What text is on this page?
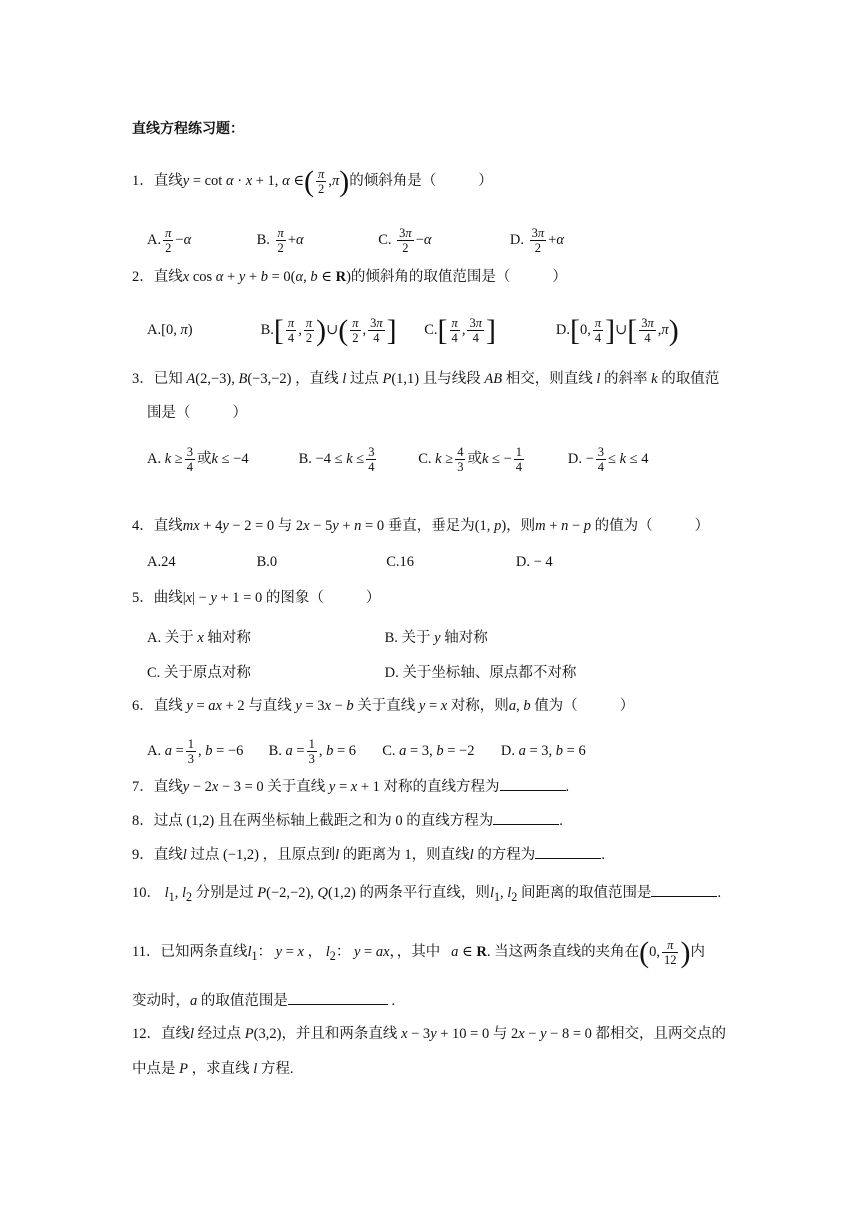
直线方程练习题：
1．直线y = cot α · x + 1, α ∈( $\frac{\pi}{2} ,\pi$)的倾斜角是（	）
A. $\frac{\pi}{2} -\alpha$	B. $\frac{\pi}{2} +\alpha$	C. $\frac{3\pi}{2} -\alpha$	D. $\frac{3\pi}{2} +\alpha$
2．直线x cos α + y + b = 0(α, b ∈ R)的倾斜角的取值范围是（	）
A.[0, π)	$B.[ \frac{\pi}{4}$ , $\frac{\pi}{2}$ )∪( $\frac{\pi}{2}$ , $\frac{3\pi}{4}$ ] $C.[ \frac{\pi}{4}$ , $\frac{3\pi}{4}$ ]	D.[0, $\frac{\pi}{4}$ ]∪[ $\frac{3\pi}{4} ,\pi$)
3．已知 A(2,−3), B(−3,−2) ，直线 l 过点 P(1,1) 且与线段 AB 相交，则直线 l 的斜率 k 的取值范
围是（	）
A. $k \ge \frac{3}{4}$ 或k ≤ −4	B. $-4 \le k \le \frac{3}{4}$	C. $k \ge \frac{4}{3}$ 或k ≤ − $\frac{1}{4}$	D. − $\frac{3}{4} \le k \le 4$
4．直线mx + 4y − 2 = 0 与 2x − 5y + n = 0 垂直，垂足为(1, p)，则m + n − p 的值为（	）
A.24	B.0	C.16	D. − 4
5．曲线|x| − y + 1 = 0 的图象（	）
A. 关于 x 轴对称	B. 关于 y 轴对称
C. 关于原点对称	D. 关于坐标轴、原点都不对称
6．直线 y = ax + 2 与直线 y = 3x − b 关于直线 y = x 对称，则a, b 值为（	）
A. $a = \frac{1}{3}$ , b = −6 B. $a = \frac{1}{3}$ , b = 6 C. a = 3, b = −2 D. a = 3, b = 6
7．直线y − 2x − 3 = 0 关于直线 y = x + 1 对称的直线方程为	.
8．过点 (1,2) 且在两坐标轴上截距之和为 0 的直线方程为	.
9．直线l 过点 (−1,2) ，且原点到l 的距离为 1，则直线l 的方程为	.
10． $l_1$, $l_2$ 分别是过 P(−2,−2), Q(1,2) 的两条平行直线，则$l_1$, $l_2$ 间距离的取值范围是	.
11．已知两条直线$l_1$： y = x ， $l_2$： y = ax，，其中 a ∈ R. 当这两条直线的夹角在(0, $\frac{\pi}{12}$ )内
变动时，a 的取值范围是	.
12．直线l 经过点 P(3,2)，并且和两条直线 x − 3y + 10 = 0 与 2x − y − 8 = 0 都相交，且两交点的
中点是 P ，求直线 l 方程.
